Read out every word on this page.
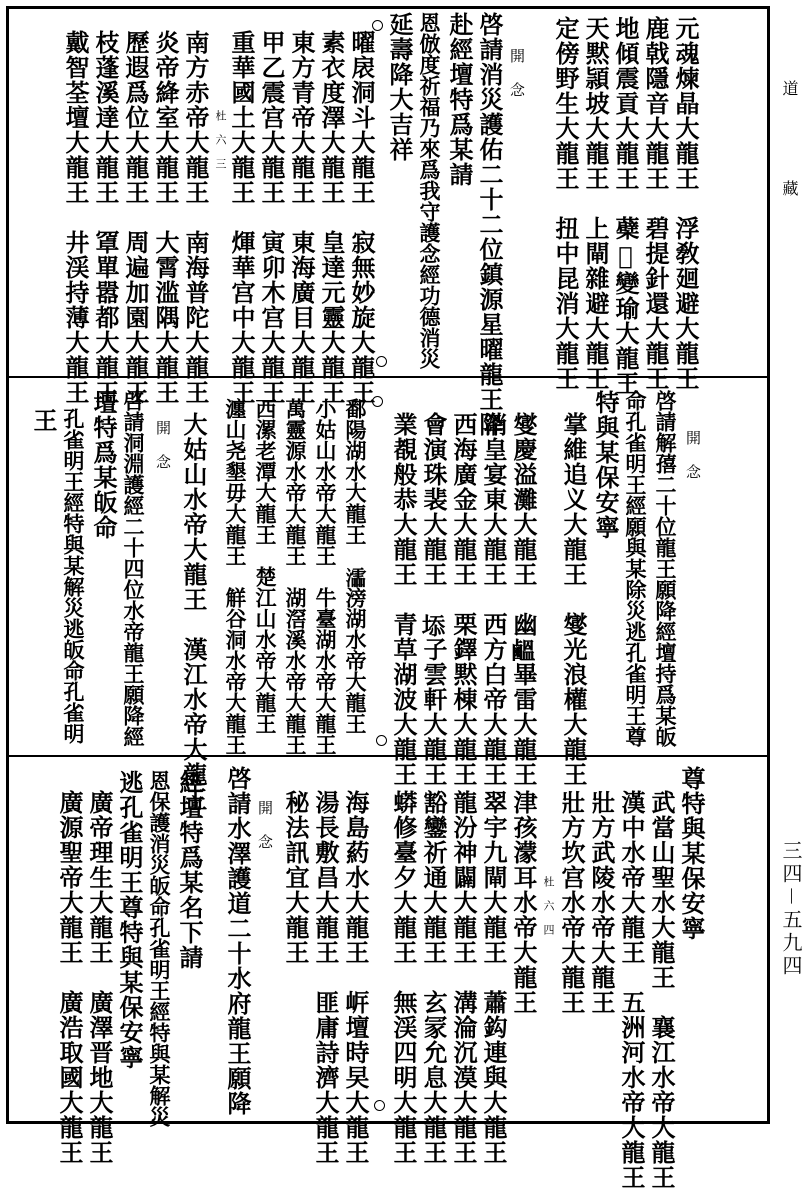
道　藏
三四－五九四
元魂煉晶大龍王　浮敎廻避大龍王
鹿戟隱音大龍王　碧提針還大龍王
地傾震貢大龍王　蘗𦶝變瑜大龍王
天黙頴坡大龍王　上閘雜避大龍王
定傍野生大龍王　扭中昆消大龍王
開　念
啓請消災護佑二十二位鎮源星曜龍王降
赴經壇特爲某請
恩倣度祈福乃來爲我守護念經功德消災
延壽降大吉祥
曜扆洞斗大龍王　寂無妙旋大龍王
素衣度澤大龍王　皇達元靈大龍王
東方青帝大龍王　東海廣目大龍王
甲乙震宫大龍王　寅卯木宫大龍王
重華國土大龍王　煇華宫中大龍王
杜　六　三
南方赤帝大龍王　南海普陀大龍王
炎帝絳室大龍王　大霄滥隅大龍王
歷遐爲位大龍王　周遍加園大龍王
枝蓬溪達大龍王　𦋐單嚣都大龍王
戴智荃壇大龍王　井渓持薄大龍王
開　念
啓請解㝆二十位龍王願降經壇持爲某皈
命孔雀明王經願與某除災逃孔雀明王尊
特與某保安寧
掌維追义大龍王　燮光浪權大龍王
燮慶溢灘大龍王　幽𪉸畢雷大龍王
消皇宴東大龍王　西方白帝大龍王
西海廣金大龍王　栗鐸黙棟大龍王
會演珠裴大龍王　𡍞子雲軒大龍王
業覩般恭大龍王　青草湖波大龍王
鄱陽湖水大龍王　𤃩滂湖水帝大龍王
小姑山水帝大龍王　牛臺湖水帝大龍王
萬靈源水帝大龍王　湖滘溪水帝大龍王
西漯老潭大龍王　楚江山水帝大龍王
瀍山尧墾毋大龍王　觧谷洞水帝大龍王
大姑山水帝大龍王　漢江水帝大龍王
開　念
啓請洞淵護經二十四位水帝龍王願降經
壇特爲某皈命
孔雀明王經特與某解災逃皈命孔雀明
王
尊特與某保安寧
武當山聖水大龍王　襄江水帝大龍王
漢中水帝大龍王　五洲河水帝大龍王
壯方武陵水帝大龍王
壯方坎宫水帝大龍王
杜　六　四
津孩濛耳水帝大龍王
翠宇九閘大龍王　蕭鈎連與大龍王
龍汾神闢大龍王　溝淪沉漠大龍王
豁鑾祈通大龍王　玄冡允息大龍王
蟒修臺夕大龍王　無渓四明大龍王
海島葯水大龍王　㟁壇時旲大龍王
湯長敷昌大龍王　匪庸詩濟大龍王
秘法訊宜大龍王
開　念
啓請水澤護道二十水府龍王願降
經壇特爲某名下請
恩保護消災皈命孔雀明王經特與某解災
逃孔雀明王尊特與某保安寧
廣帝理生大龍王　廣澤晋地大龍王
廣源聖帝大龍王　廣浩取國大龍王
